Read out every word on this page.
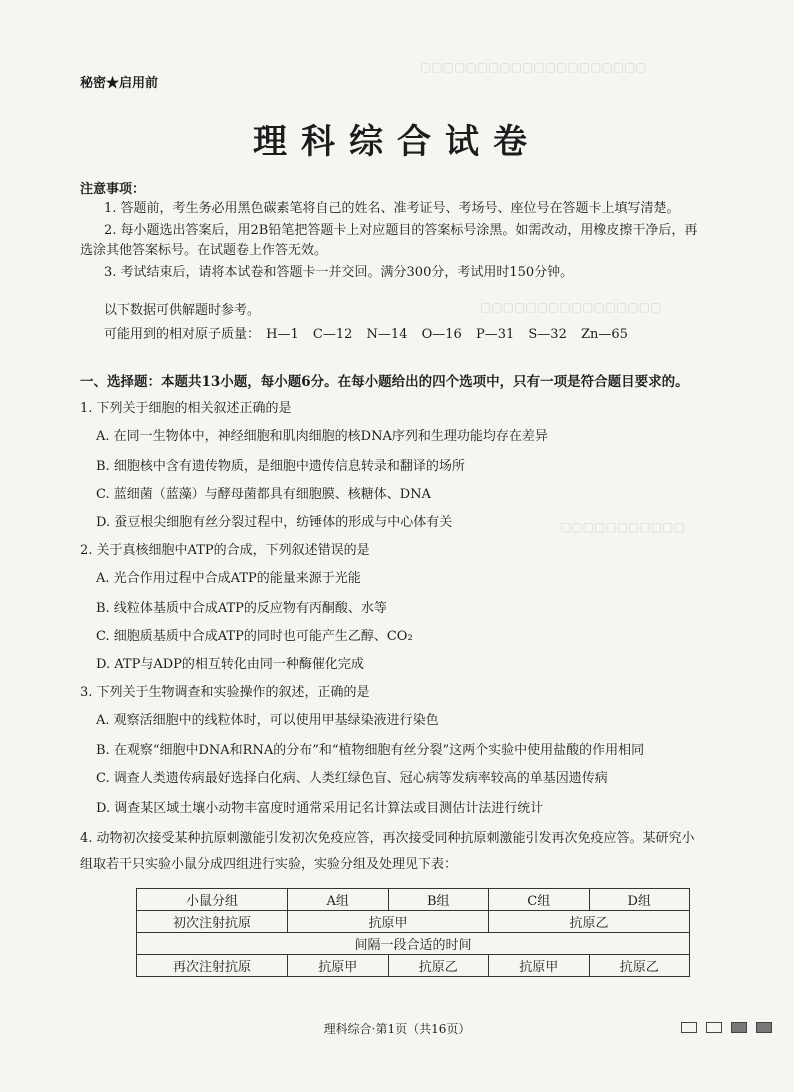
▢▢▢▢▢▢▢▢▢▢▢▢▢▢▢▢▢▢▢▢
▢▢▢▢▢▢▢▢▢▢▢▢▢▢▢▢
▢▢▢▢▢▢▢▢▢▢▢
秘密★启用前
理科综合试卷
注意事项：
1. 答题前，考生务必用黑色碳素笔将自己的姓名、准考证号、考场号、座位号在答题卡上填写清楚。
2. 每小题选出答案后，用2B铅笔把答题卡上对应题目的答案标号涂黑。如需改动，用橡皮擦干净后，再
选涂其他答案标号。在试题卷上作答无效。
3. 考试结束后，请将本试卷和答题卡一并交回。满分300分，考试用时150分钟。
以下数据可供解题时参考。
可能用到的相对原子质量： H—1 C—12 N—14 O—16 P—31 S—32 Zn—65
一、选择题：本题共13小题，每小题6分。在每小题给出的四个选项中，只有一项是符合题目要求的。
1. 下列关于细胞的相关叙述正确的是
A. 在同一生物体中，神经细胞和肌肉细胞的核DNA序列和生理功能均存在差异
B. 细胞核中含有遗传物质，是细胞中遗传信息转录和翻译的场所
C. 蓝细菌（蓝藻）与酵母菌都具有细胞膜、核糖体、DNA
D. 蚕豆根尖细胞有丝分裂过程中，纺锤体的形成与中心体有关
2. 关于真核细胞中ATP的合成，下列叙述错误的是
A. 光合作用过程中合成ATP的能量来源于光能
B. 线粒体基质中合成ATP的反应物有丙酮酸、水等
C. 细胞质基质中合成ATP的同时也可能产生乙醇、CO₂
D. ATP与ADP的相互转化由同一种酶催化完成
3. 下列关于生物调查和实验操作的叙述，正确的是
A. 观察活细胞中的线粒体时，可以使用甲基绿染液进行染色
B. 在观察“细胞中DNA和RNA的分布”和“植物细胞有丝分裂”这两个实验中使用盐酸的作用相同
C. 调查人类遗传病最好选择白化病、人类红绿色盲、冠心病等发病率较高的单基因遗传病
D. 调查某区域土壤小动物丰富度时通常采用记名计算法或目测估计法进行统计
4. 动物初次接受某种抗原刺激能引发初次免疫应答，再次接受同种抗原刺激能引发再次免疫应答。某研究小
组取若干只实验小鼠分成四组进行实验，实验分组及处理见下表：
小鼠分组	A组	B组	C组	D组
初次注射抗原	抗原甲		抗原乙	
间隔一段合适的时间				
再次注射抗原	抗原甲	抗原乙	抗原甲	抗原乙
理科综合·第1页（共16页）
